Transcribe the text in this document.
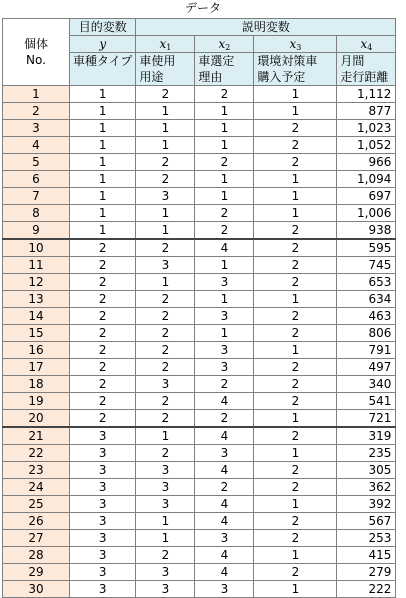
データ
個体
No.	目的変数	説明変数			
	y	$x_1$	$x_2$	$x_3$	$x_4$
	車種タイプ	車使用	車選定	環境対策車	月間
		用途	理由	購入予定	走行距離
1	1	2	2	1	1,112
2	1	1	1	1	877
3	1	1	1	2	1,023
4	1	1	1	2	1,052
5	1	2	2	2	966
6	1	2	1	1	1,094
7	1	3	1	1	697
8	1	1	2	1	1,006
9	1	1	2	2	938
10	2	2	4	2	595
11	2	3	1	2	745
12	2	1	3	2	653
13	2	2	1	1	634
14	2	2	3	2	463
15	2	2	1	2	806
16	2	2	3	1	791
17	2	2	3	2	497
18	2	3	2	2	340
19	2	2	4	2	541
20	2	2	2	1	721
21	3	1	4	2	319
22	3	2	3	1	235
23	3	3	4	2	305
24	3	3	2	2	362
25	3	3	4	1	392
26	3	1	4	2	567
27	3	1	3	2	253
28	3	2	4	1	415
29	3	3	4	2	279
30	3	3	3	1	222
